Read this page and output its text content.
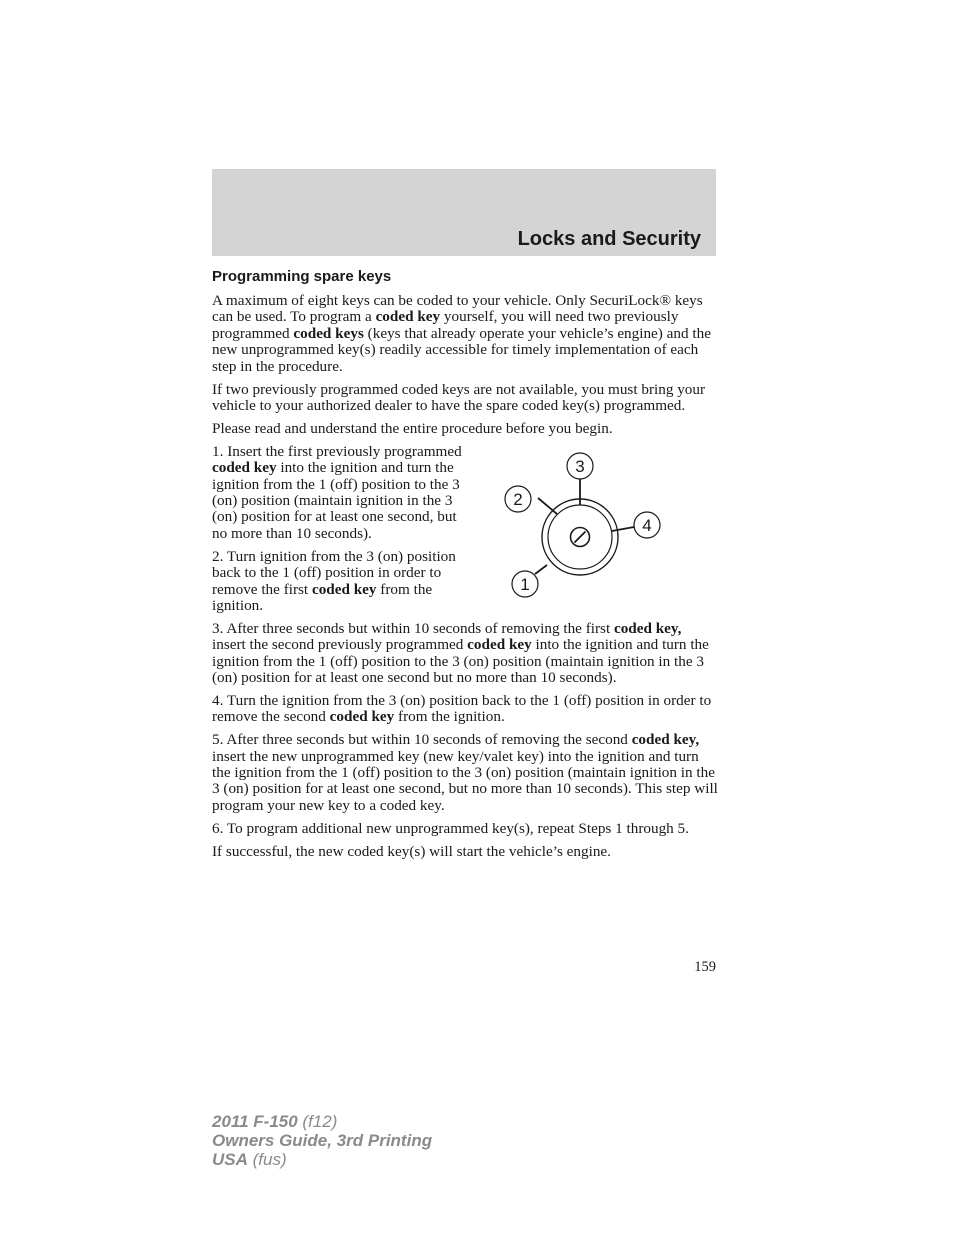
Locks and Security
Programming spare keys

A maximum of eight keys can be coded to your vehicle. Only SecuriLock® keys can be used. To program a coded key yourself, you will need two previously programmed coded keys (keys that already operate your vehicle’s engine) and the new unprogrammed key(s) readily accessible for timely implementation of each step in the procedure.

If two previously programmed coded keys are not available, you must bring your vehicle to your authorized dealer to have the spare coded key(s) programmed.

Please read and understand the entire procedure before you begin.

1. Insert the first previously programmed coded key into the ignition and turn the ignition from the 1 (off) position to the 3 (on) position (maintain ignition in the 3 (on) position for at least one second, but no more than 10 seconds).

2. Turn ignition from the 3 (on) position back to the 1 (off) position in order to remove the first coded key from the ignition.

3
2
4
1

3. After three seconds but within 10 seconds of removing the first coded key, insert the second previously programmed coded key into the ignition and turn the ignition from the 1 (off) position to the 3 (on) position (maintain ignition in the 3 (on) position for at least one second but no more than 10 seconds).

4. Turn the ignition from the 3 (on) position back to the 1 (off) position in order to remove the second coded key from the ignition.

5. After three seconds but within 10 seconds of removing the second coded key, insert the new unprogrammed key (new key/valet key) into the ignition and turn the ignition from the 1 (off) position to the 3 (on) position (maintain ignition in the 3 (on) position for at least one second, but no more than 10 seconds). This step will program your new key to a coded key.

6. To program additional new unprogrammed key(s), repeat Steps 1 through 5.

If successful, the new coded key(s) will start the vehicle’s engine.

159

2011 F-150 (f12)
Owners Guide, 3rd Printing
USA (fus)
